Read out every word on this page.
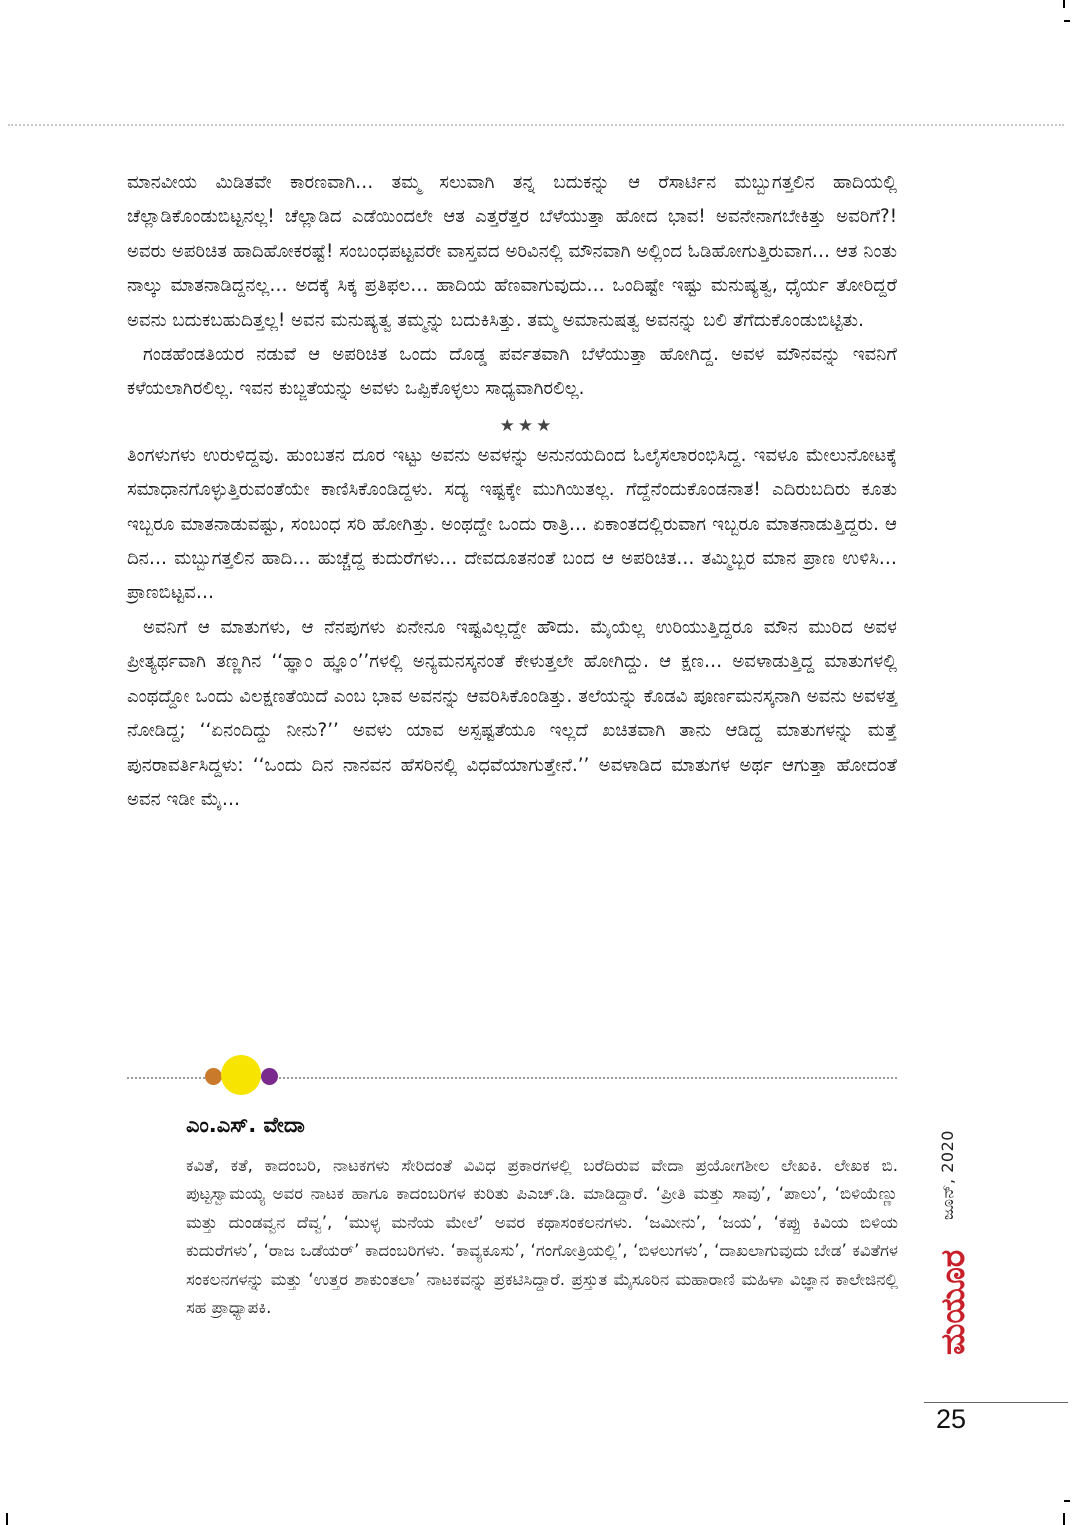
ಮಾನವೀಯ ಮಿಡಿತವೇ ಕಾರಣವಾಗಿ… ತಮ್ಮ ಸಲುವಾಗಿ ತನ್ನ ಬದುಕನ್ನು ಆ ರೆಸಾರ್ಟಿನ ಮಬ್ಬುಗತ್ತಲಿನ ಹಾದಿಯಲ್ಲಿ ಚೆಲ್ಲಾಡಿಕೊಂಡುಬಿಟ್ಟನಲ್ಲ! ಚೆಲ್ಲಾಡಿದ ಎಡೆಯಿಂದಲೇ ಆತ ಎತ್ತರೆತ್ತರ ಬೆಳೆಯುತ್ತಾ ಹೋದ ಭಾವ! ಅವನೇನಾಗಬೇಕಿತ್ತು ಅವರಿಗೆ?! ಅವರು ಅಪರಿಚಿತ ಹಾದಿಹೋಕರಷ್ಟೆ! ಸಂಬಂಧಪಟ್ಟವರೇ ವಾಸ್ತವದ ಅರಿವಿನಲ್ಲಿ ಮೌನವಾಗಿ ಅಲ್ಲಿಂದ ಓಡಿಹೋಗುತ್ತಿರುವಾಗ… ಆತ ನಿಂತು ನಾಲ್ಕು ಮಾತನಾಡಿದ್ದನಲ್ಲ… ಅದಕ್ಕೆ ಸಿಕ್ಕ ಪ್ರತಿಫಲ… ಹಾದಿಯ ಹೆಣವಾಗುವುದು… ಒಂದಿಷ್ಟೇ ಇಷ್ಟು ಮನುಷ್ಯತ್ವ, ಧೈರ್ಯ ತೋರಿದ್ದರೆ ಅವನು ಬದುಕಬಹುದಿತ್ತಲ್ಲ! ಅವನ ಮನುಷ್ಯತ್ವ ತಮ್ಮನ್ನು ಬದುಕಿಸಿತ್ತು. ತಮ್ಮ ಅಮಾನುಷತ್ವ ಅವನನ್ನು ಬಲಿ ತೆಗೆದುಕೊಂಡುಬಿಟ್ಟಿತು.

ಗಂಡಹೆಂಡತಿಯರ ನಡುವೆ ಆ ಅಪರಿಚಿತ ಒಂದು ದೊಡ್ಡ ಪರ್ವತವಾಗಿ ಬೆಳೆಯುತ್ತಾ ಹೋಗಿದ್ದ. ಅವಳ ಮೌನವನ್ನು ಇವನಿಗೆ ಕಳೆಯಲಾಗಿರಲಿಲ್ಲ. ಇವನ ಕುಬ್ಜತೆಯನ್ನು ಅವಳು ಒಪ್ಪಿಕೊಳ್ಳಲು ಸಾಧ್ಯವಾಗಿರಲಿಲ್ಲ.

★★★

ತಿಂಗಳುಗಳು ಉರುಳಿದ್ದವು. ಹುಂಬತನ ದೂರ ಇಟ್ಟು ಅವನು ಅವಳನ್ನು ಅನುನಯದಿಂದ ಓಲೈಸಲಾರಂಭಿಸಿದ್ದ. ಇವಳೂ ಮೇಲುನೋಟಕ್ಕೆ ಸಮಾಧಾನಗೊಳ್ಳುತ್ತಿರುವಂತೆಯೇ ಕಾಣಿಸಿಕೊಂಡಿದ್ದಳು. ಸದ್ಯ ಇಷ್ಟಕ್ಕೇ ಮುಗಿಯಿತಲ್ಲ. ಗೆದ್ದೆನೆಂದುಕೊಂಡನಾತ! ಎದಿರುಬದಿರು ಕೂತು ಇಬ್ಬರೂ ಮಾತನಾಡುವಷ್ಟು, ಸಂಬಂಧ ಸರಿ ಹೋಗಿತ್ತು. ಅಂಥದ್ದೇ ಒಂದು ರಾತ್ರಿ… ಏಕಾಂತದಲ್ಲಿರುವಾಗ ಇಬ್ಬರೂ ಮಾತನಾಡುತ್ತಿದ್ದರು. ಆ ದಿನ… ಮಬ್ಬುಗತ್ತಲಿನ ಹಾದಿ… ಹುಚ್ಚೆದ್ದ ಕುದುರೆಗಳು… ದೇವದೂತನಂತೆ ಬಂದ ಆ ಅಪರಿಚಿತ… ತಮ್ಮಿಬ್ಬರ ಮಾನ ಪ್ರಾಣ ಉಳಿಸಿ… ಪ್ರಾಣಬಿಟ್ಟವ…

ಅವನಿಗೆ ಆ ಮಾತುಗಳು, ಆ ನೆನಪುಗಳು ಏನೇನೂ ಇಷ್ಟವಿಲ್ಲದ್ದೇ ಹೌದು. ಮೈಯೆಲ್ಲ ಉರಿಯುತ್ತಿದ್ದರೂ ಮೌನ ಮುರಿದ ಅವಳ ಪ್ರೀತ್ಯರ್ಥವಾಗಿ ತಣ್ಣಗಿನ ‘‘ಹ್ಞಾಂ ಹ್ಞೂಂ’’ಗಳಲ್ಲಿ ಅನ್ಯಮನಸ್ಕನಂತೆ ಕೇಳುತ್ತಲೇ ಹೋಗಿದ್ದು. ಆ ಕ್ಷಣ… ಅವಳಾಡುತ್ತಿದ್ದ ಮಾತುಗಳಲ್ಲಿ ಎಂಥದ್ದೋ ಒಂದು ವಿಲಕ್ಷಣತೆಯಿದೆ ಎಂಬ ಭಾವ ಅವನನ್ನು ಆವರಿಸಿಕೊಂಡಿತ್ತು. ತಲೆಯನ್ನು ಕೊಡವಿ ಪೂರ್ಣಮನಸ್ಕನಾಗಿ ಅವನು ಅವಳತ್ತ ನೋಡಿದ್ದ; ‘‘ಏನಂದಿದ್ದು ನೀನು?’’ ಅವಳು ಯಾವ ಅಸ್ಪಷ್ಟತೆಯೂ ಇಲ್ಲದೆ ಖಚಿತವಾಗಿ ತಾನು ಆಡಿದ್ದ ಮಾತುಗಳನ್ನು ಮತ್ತೆ ಪುನರಾವರ್ತಿಸಿದ್ದಳು: ‘‘ಒಂದು ದಿನ ನಾನವನ ಹೆಸರಿನಲ್ಲಿ ವಿಧವೆಯಾಗುತ್ತೇನೆ.’’ ಅವಳಾಡಿದ ಮಾತುಗಳ ಅರ್ಥ ಆಗುತ್ತಾ ಹೋದಂತೆ ಅವನ ಇಡೀ ಮೈ…

ಎಂ.ಎಸ್. ವೇದಾ

ಕವಿತೆ, ಕತೆ, ಕಾದಂಬರಿ, ನಾಟಕಗಳು ಸೇರಿದಂತೆ ವಿವಿಧ ಪ್ರಕಾರಗಳಲ್ಲಿ ಬರೆದಿರುವ ವೇದಾ ಪ್ರಯೋಗಶೀಲ ಲೇಖಕಿ. ಲೇಖಕ ಬಿ. ಪುಟ್ಟಸ್ವಾಮಯ್ಯ ಅವರ ನಾಟಕ ಹಾಗೂ ಕಾದಂಬರಿಗಳ ಕುರಿತು ಪಿಎಚ್.ಡಿ. ಮಾಡಿದ್ದಾರೆ. ‘ಪ್ರೀತಿ ಮತ್ತು ಸಾವು’, ‘ಪಾಲು’, ‘ಬಿಳಿಯೆಣ್ಣು ಮತ್ತು ದುಂಡವ್ವನ ದೆವ್ವ’, ‘ಮುಳ್ಳ ಮನೆಯ ಮೇಲೆ’ ಅವರ ಕಥಾಸಂಕಲನಗಳು. ‘ಜಮೀನು’, ‘ಜಯ’, ‘ಕಪ್ಪು ಕಿವಿಯ ಬಿಳಿಯ ಕುದುರೆಗಳು’, ‘ರಾಜ ಒಡೆಯರ್’ ಕಾದಂಬರಿಗಳು. ‘ಕಾವ್ಯಕೂಸು’, ‘ಗಂಗೋತ್ರಿಯಲ್ಲಿ’, ‘ಬಿಳಲುಗಳು’, ‘ದಾಖಲಾಗುವುದು ಬೇಡ’ ಕವಿತೆಗಳ ಸಂಕಲನಗಳನ್ನು ಮತ್ತು ‘ಉತ್ತರ ಶಾಕುಂತಲಾ’ ನಾಟಕವನ್ನು ಪ್ರಕಟಿಸಿದ್ದಾರೆ. ಪ್ರಸ್ತುತ ಮೈಸೂರಿನ ಮಹಾರಾಣಿ ಮಹಿಳಾ ವಿಜ್ಞಾನ ಕಾಲೇಜಿನಲ್ಲಿ ಸಹ ಪ್ರಾಧ್ಯಾಪಕಿ.

ಜೂನ್, 2020
ಮಯೂರ
25
